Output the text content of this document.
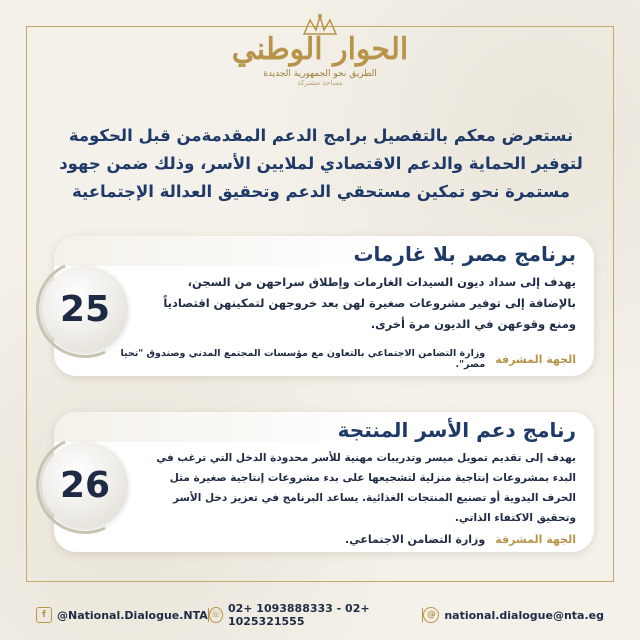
الحوار الوطني
الطريق نحو الجمهورية الجديدة
مساحة مشتركة
نستعرض معكم بالتفصيل برامج الدعم المقدمةمن قبل الحكومة
لتوفير الحماية والدعم الاقتصادي لملايين الأسر، وذلك ضمن جهود
مستمرة نحو تمكين مستحقي الدعم وتحقيق العدالة الإجتماعية
25
برنامج مصر بلا غارمات
يهدف إلى سداد ديون السيدات الغارمات وإطلاق سراحهن من السجن، بالإضافة إلى توفير مشروعات صغيرة لهن بعد خروجهن لتمكينهن اقتصادياً ومنع وقوعهن في الديون مرة أخرى.
الجهة المشرفة
وزارة التضامن الاجتماعي بالتعاون مع مؤسسات المجتمع المدني وصندوق "تحيا مصر".
26
رنامج دعم الأسر المنتجة
يهدف إلى تقديم تمويل ميسر وتدريبات مهنية للأسر محدودة الدخل التي ترغب في البدء بمشروعات إنتاجية منزلية لتشجيعها على بدء مشروعات إنتاجية صغيرة مثل الحرف اليدوية أو تصنيع المنتجات الغذائية. يساعد البرنامج في تعزيز دخل الأسر وتحقيق الاكتفاء الذاتي.
الجهة المشرفة
وزارة التضامن الاجتماعي.
f	@National.Dialogue.NTA ☏ 02+ 1093888333 - 02+ 1025321555	@ national.dialogue@nta.eg
